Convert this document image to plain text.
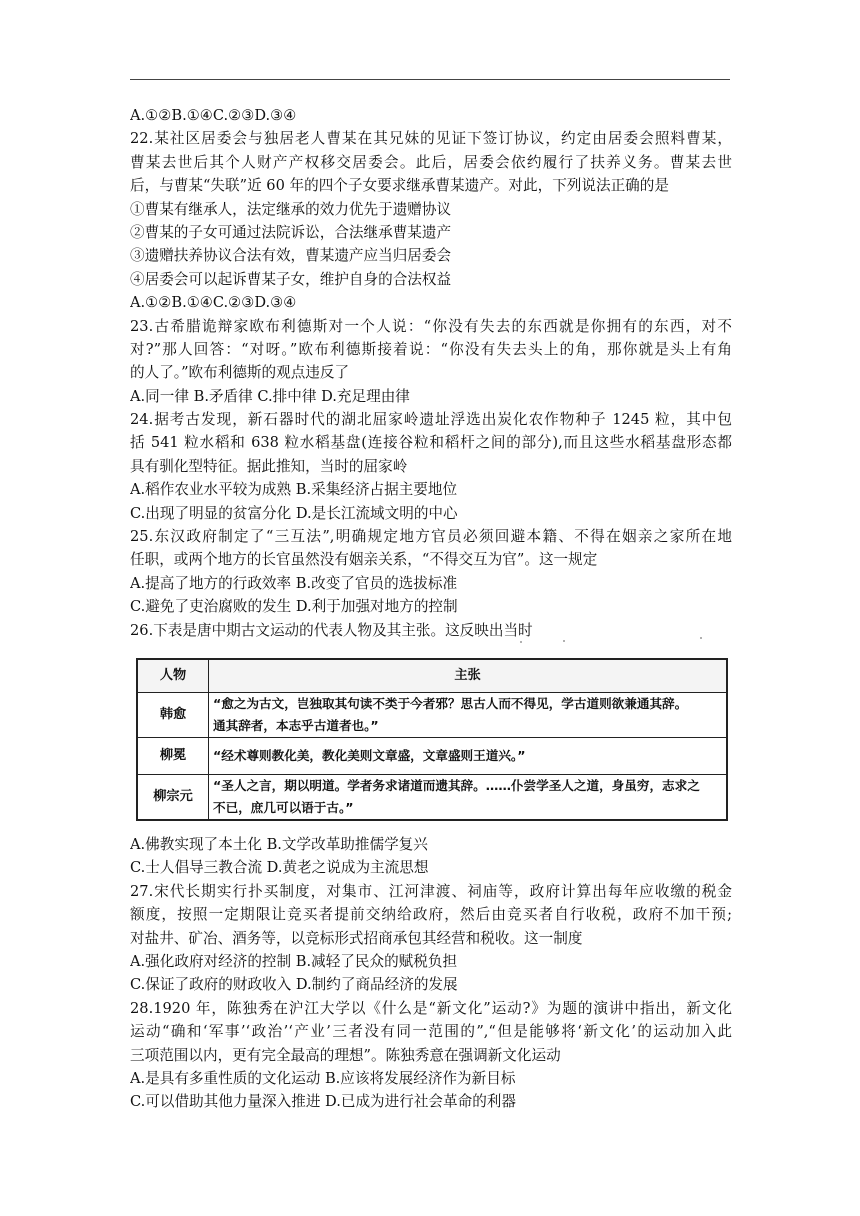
A.①②B.①④C.②③D.③④
22.某社区居委会与独居老人曹某在其兄妹的见证下签订协议，约定由居委会照料曹某，
曹某去世后其个人财产产权移交居委会。此后，居委会依约履行了扶养义务。曹某去世
后，与曹某“失联”近 60 年的四个子女要求继承曹某遗产。对此，下列说法正确的是
①曹某有继承人，法定继承的效力优先于遗赠协议
②曹某的子女可通过法院诉讼，合法继承曹某遗产
③遗赠扶养协议合法有效，曹某遗产应当归居委会
④居委会可以起诉曹某子女，维护自身的合法权益
A.①②B.①④C.②③D.③④
23.古希腊诡辩家欧布利德斯对一个人说：“你没有失去的东西就是你拥有的东西，对不
对?”那人回答：“对呀。”欧布利德斯接着说：“你没有失去头上的角，那你就是头上有角
的人了。”欧布利德斯的观点违反了
A.同一律 B.矛盾律 C.排中律 D.充足理由律
24.据考古发现，新石器时代的湖北屈家岭遗址浮选出炭化农作物种子 1245 粒，其中包
括 541 粒水稻和 638 粒水稻基盘(连接谷粒和稻杆之间的部分),而且这些水稻基盘形态都
具有驯化型特征。据此推知，当时的屈家岭
A.稻作农业水平较为成熟 B.采集经济占据主要地位
C.出现了明显的贫富分化 D.是长江流域文明的中心
25.东汉政府制定了“三互法”,明确规定地方官员必须回避本籍、不得在姻亲之家所在地
任职，或两个地方的长官虽然没有姻亲关系，“不得交互为官”。这一规定
A.提高了地方的行政效率 B.改变了官员的选拔标准
C.避免了吏治腐败的发生 D.利于加强对地方的控制
26.下表是唐中期古文运动的代表人物及其主张。这反映出当时
人物	主张
韩愈	“愈之为古文，岂独取其句读不类于今者邪？思古人而不得见，学古道则欲兼通其辞。
通其辞者，本志乎古道者也。”

柳冕	“经术尊则教化美，教化美则文章盛，文章盛则王道兴。”

柳宗元	“圣人之言，期以明道。学者务求诸道而遗其辞。……仆尝学圣人之道，身虽穷，志求之
不已，庶几可以语于古。”
A.佛教实现了本土化 B.文学改革助推儒学复兴
C.士人倡导三教合流 D.黄老之说成为主流思想
27.宋代长期实行扑买制度，对集市、江河津渡、祠庙等，政府计算出每年应收缴的税金
额度，按照一定期限让竞买者提前交纳给政府，然后由竞买者自行收税，政府不加干预;
对盐井、矿冶、酒务等，以竞标形式招商承包其经营和税收。这一制度
A.强化政府对经济的控制 B.减轻了民众的赋税负担
C.保证了政府的财政收入 D.制约了商品经济的发展
28.1920 年，陈独秀在沪江大学以《什么是“新文化”运动?》为题的演讲中指出，新文化
运动“确和‘军事’‘政治’‘产业’三者没有同一范围的”,“但是能够将‘新文化’的运动加入此
三项范围以内，更有完全最高的理想”。陈独秀意在强调新文化运动
A.是具有多重性质的文化运动 B.应该将发展经济作为新目标
C.可以借助其他力量深入推进 D.已成为进行社会革命的利器
